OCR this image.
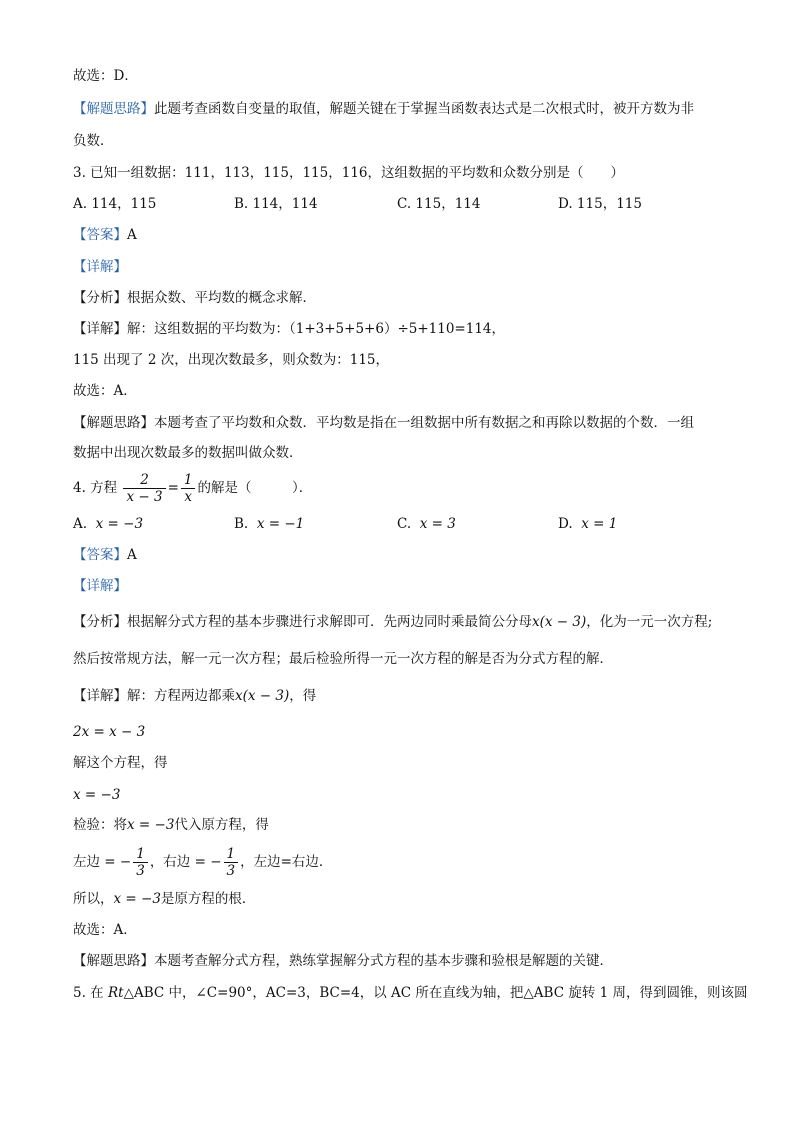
故选：D．
【解题思路】此题考查函数自变量的取值，解题关键在于掌握当函数表达式是二次根式时，被开方数为非
负数．
3. 已知一组数据：111，113，115，115，116，这组数据的平均数和众数分别是（　　）
A. 114，115	B. 114，114	C. 115，114	D. 115，115
【答案】A
【详解】
【分析】根据众数、平均数的概念求解．
【详解】解：这组数据的平均数为：（1+3+5+5+6）÷5+110=114，
115 出现了 2 次，出现次数最多，则众数为：115，
故选：A．
【解题思路】本题考查了平均数和众数．平均数是指在一组数据中所有数据之和再除以数据的个数．一组
数据中出现次数最多的数据叫做众数．
4. 方程 $\frac{2}{x - 3} = \frac{1}{x}$ 的解是（　　　）．
A. x = −3	B. x = −1	C. x = 3	D. x = 1
【答案】A
【详解】
【分析】根据解分式方程的基本步骤进行求解即可．先两边同时乘最简公分母x(x − 3)，化为一元一次方程;
然后按常规方法，解一元一次方程；最后检验所得一元一次方程的解是否为分式方程的解．
【详解】解：方程两边都乘x(x − 3)，得
2x = x − 3
解这个方程，得
x = −3
检验：将x = −3代入原方程，得
左边 = − $\frac{1}{3}$ ，右边 = − $\frac{1}{3}$ ，左边=右边．
所以，x = −3是原方程的根．
故选：A．
【解题思路】本题考查解分式方程，熟练掌握解分式方程的基本步骤和验根是解题的关键．
5. 在 Rt△ABC 中，∠C=90°，AC=3，BC=4，以 AC 所在直线为轴，把△ABC 旋转 1 周，得到圆锥，则该圆
